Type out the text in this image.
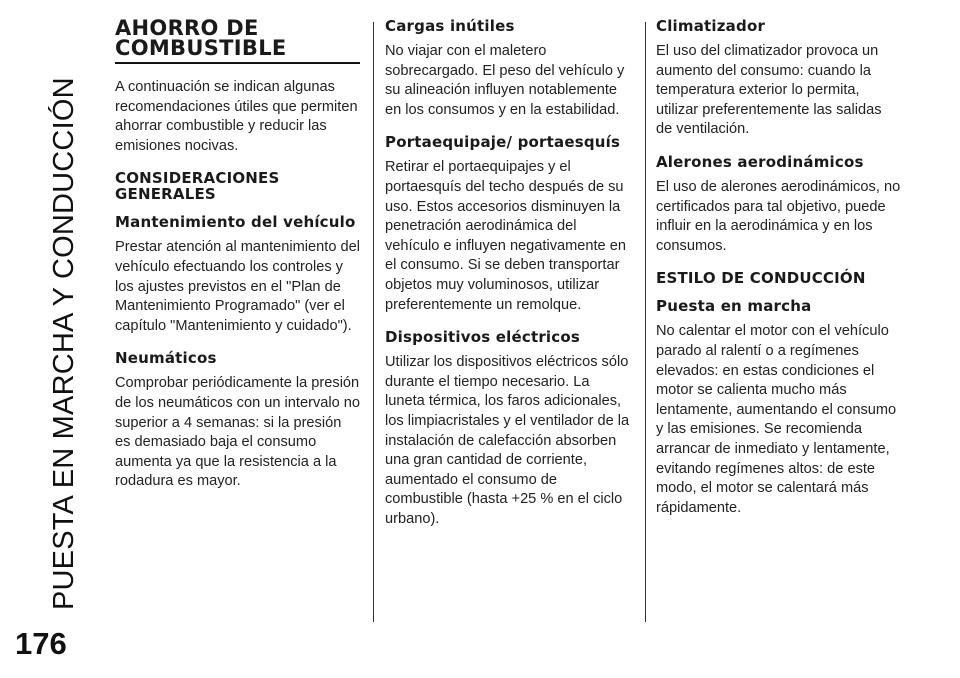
PUESTA EN MARCHA Y CONDUCCIÓN
176
AHORRO DE COMBUSTIBLE

A continuación se indican algunas recomendaciones útiles que permiten ahorrar combustible y reducir las emisiones nocivas.

CONSIDERACIONES GENERALES
Mantenimiento del vehículo

Prestar atención al mantenimiento del vehículo efectuando los controles y los ajustes previstos en el "Plan de Mantenimiento Programado" (ver el capítulo "Mantenimiento y cuidado").

Neumáticos

Comprobar periódicamente la presión de los neumáticos con un intervalo no superior a 4 semanas: si la presión es demasiado baja el consumo aumenta ya que la resistencia a la rodadura es mayor.

Cargas inútiles

No viajar con el maletero sobrecargado. El peso del vehículo y su alineación influyen notablemente en los consumos y en la estabilidad.

Portaequipaje/ portaesquís

Retirar el portaequipajes y el portaesquís del techo después de su uso. Estos accesorios disminuyen la penetración aerodinámica del vehículo e influyen negativamente en el consumo. Si se deben transportar objetos muy voluminosos, utilizar preferentemente un remolque.

Dispositivos eléctricos

Utilizar los dispositivos eléctricos sólo durante el tiempo necesario. La luneta térmica, los faros adicionales, los limpiacristales y el ventilador de la instalación de calefacción absorben una gran cantidad de corriente, aumentado el consumo de combustible (hasta +25 % en el ciclo urbano).

Climatizador

El uso del climatizador provoca un aumento del consumo: cuando la temperatura exterior lo permita, utilizar preferentemente las salidas de ventilación.

Alerones aerodinámicos

El uso de alerones aerodinámicos, no certificados para tal objetivo, puede influir en la aerodinámica y en los consumos.

ESTILO DE CONDUCCIÓN
Puesta en marcha

No calentar el motor con el vehículo parado al ralentí o a regímenes elevados: en estas condiciones el motor se calienta mucho más lentamente, aumentando el consumo y las emisiones. Se recomienda arrancar de inmediato y lentamente, evitando regímenes altos: de este modo, el motor se calentará más rápidamente.
